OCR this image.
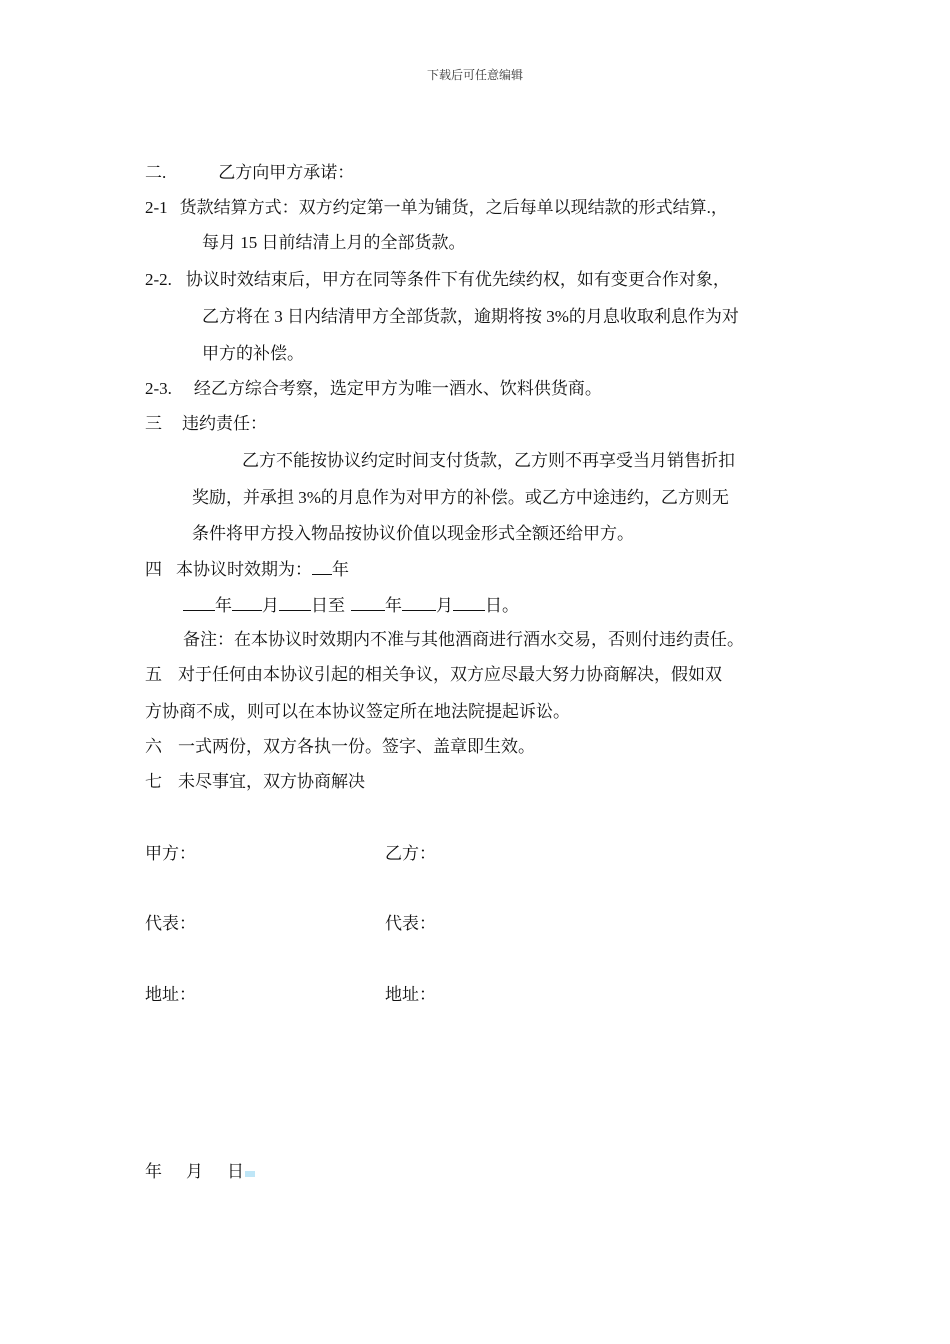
下载后可任意编辑
二.	乙方向甲方承诺：
2-1 货款结算方式：双方约定第一单为铺货，之后每单以现结款的形式结算.，
每月 15 日前结清上月的全部货款。
2-2. 协议时效结束后，甲方在同等条件下有优先续约权，如有变更合作对象，
乙方将在 3 日内结清甲方全部货款，逾期将按 3%的月息收取利息作为对
甲方的补偿。
2-3. 经乙方综合考察，选定甲方为唯一酒水、饮料供货商。
三 违约责任：
乙方不能按协议约定时间支付货款，乙方则不再享受当月销售折扣
奖励，并承担 3%的月息作为对甲方的补偿。或乙方中途违约，乙方则无
条件将甲方投入物品按协议价值以现金形式全额还给甲方。
四 本协议时效期为： 年
年 月 日至 年 月 日。
备注：在本协议时效期内不准与其他酒商进行酒水交易，否则付违约责任。
五 对于任何由本协议引起的相关争议，双方应尽最大努力协商解决，假如双
方协商不成，则可以在本协议签定所在地法院提起诉讼。
六 一式两份，双方各执一份。签字、盖章即生效。
七 未尽事宜，双方协商解决
甲方：	乙方：
代表：	代表：
地址：	地址：
年 月 日
